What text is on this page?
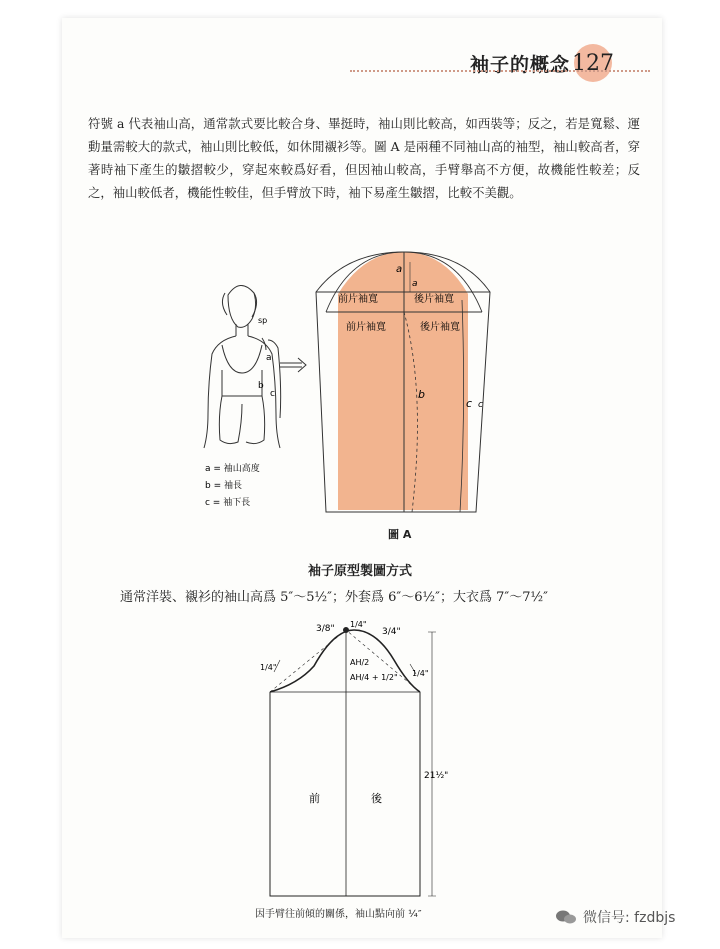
袖子的概念 127
符號 a 代表袖山高，通常款式要比較合身、畢挺時，袖山則比較高，如西裝等；反之，若是寬鬆、運動量需較大的款式，袖山則比較低，如休閒襯衫等。圖 A 是兩種不同袖山高的袖型，袖山較高者，穿著時袖下產生的皺摺較少，穿起來較爲好看，但因袖山較高，手臂舉高不方便，故機能性較差；反之，袖山較低者，機能性較佳，但手臂放下時，袖下易產生皺摺，比較不美觀。
sp
a
b
c
a = 袖山高度
b = 袖長
c = 袖下長
前片袖寬	後片袖寬
前片袖寬	後片袖寬
a
a
b
c c
3/8"	3/4"
1/4"
1/4"
1/4"
AH/2
AH/4 + 1/2"
21½"
前	後
圖 A
袖子原型製圖方式
通常洋裝、襯衫的袖山高爲 5″～5½″；外套爲 6″～6½″；大衣爲 7″～7½″
因手臂往前傾的關係，袖山點向前 ¼″	微信号: fzdbjs
